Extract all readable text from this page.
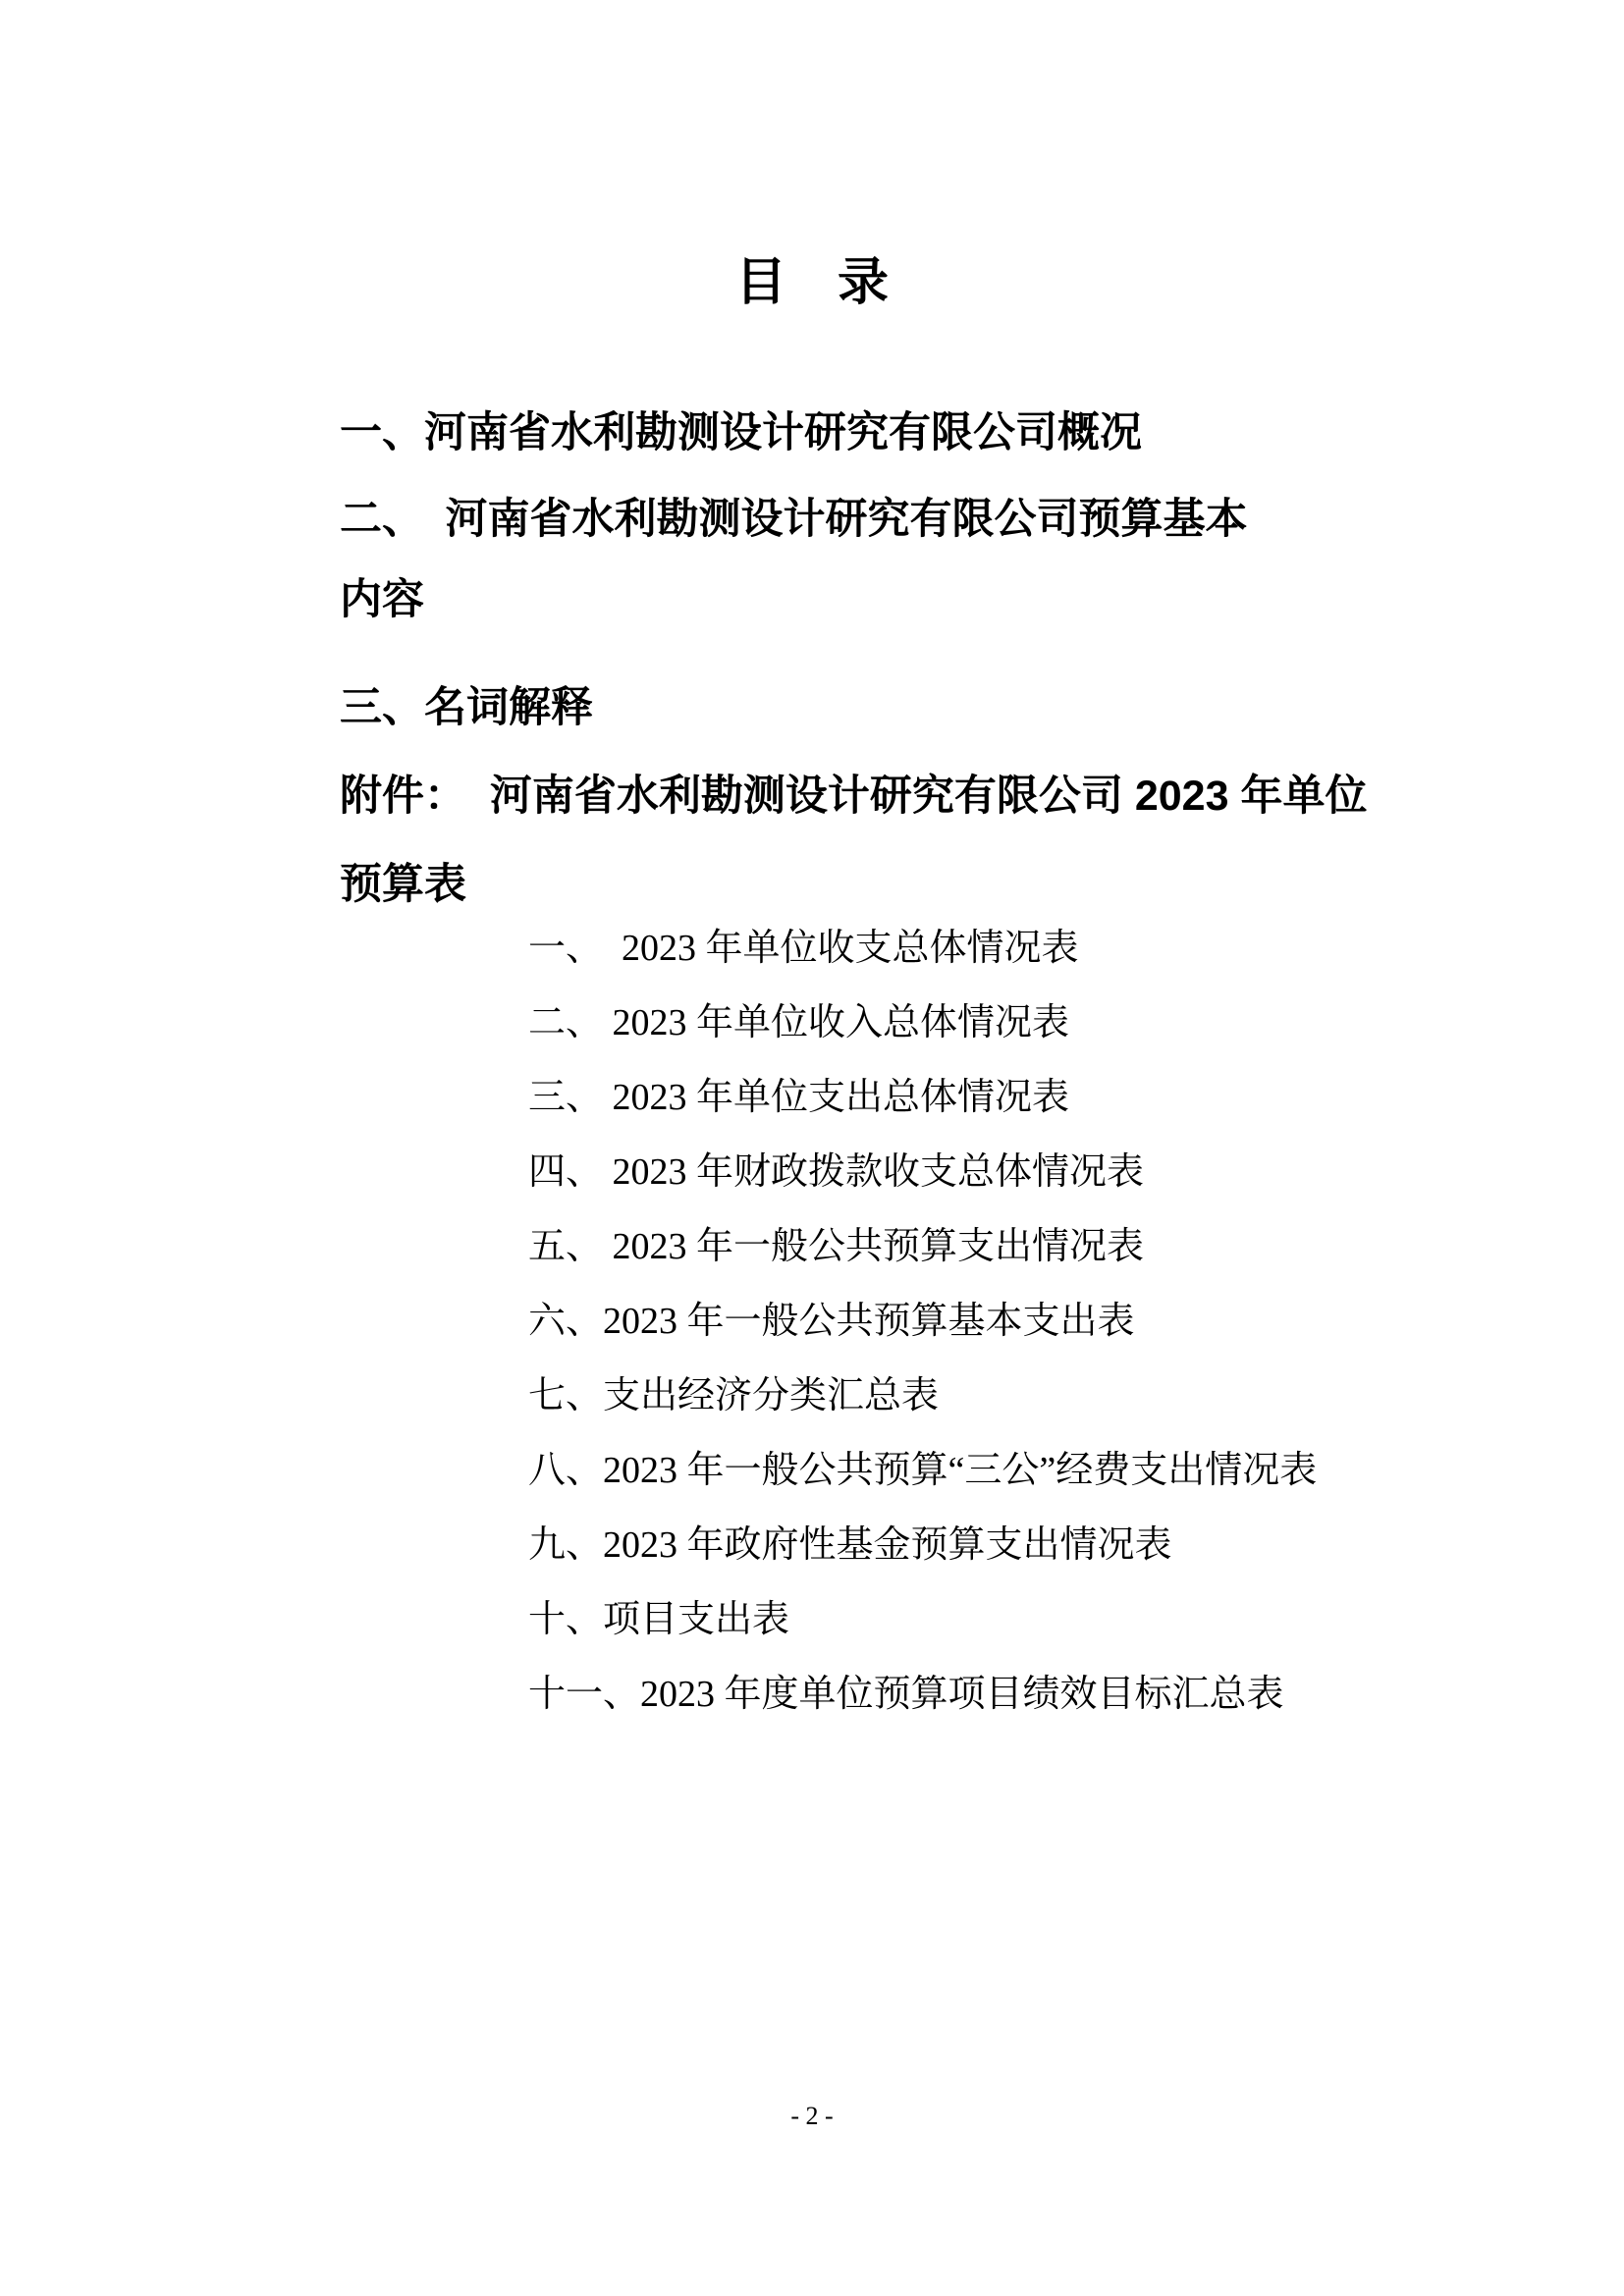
目　录
一、河南省水利勘测设计研究有限公司概况
二、　河南省水利勘测设计研究有限公司预算基本
内容
三、名词解释
附件：  河南省水利勘测设计研究有限公司 2023 年单位
预算表
一、　2023 年单位收支总体情况表
二、 2023 年单位收入总体情况表
三、 2023 年单位支出总体情况表
四、 2023 年财政拨款收支总体情况表
五、 2023 年一般公共预算支出情况表
六、2023 年一般公共预算基本支出表
七、支出经济分类汇总表
八、2023 年一般公共预算“三公”经费支出情况表
九、2023 年政府性基金预算支出情况表
十、项目支出表
十一、2023 年度单位预算项目绩效目标汇总表
- 2 -
